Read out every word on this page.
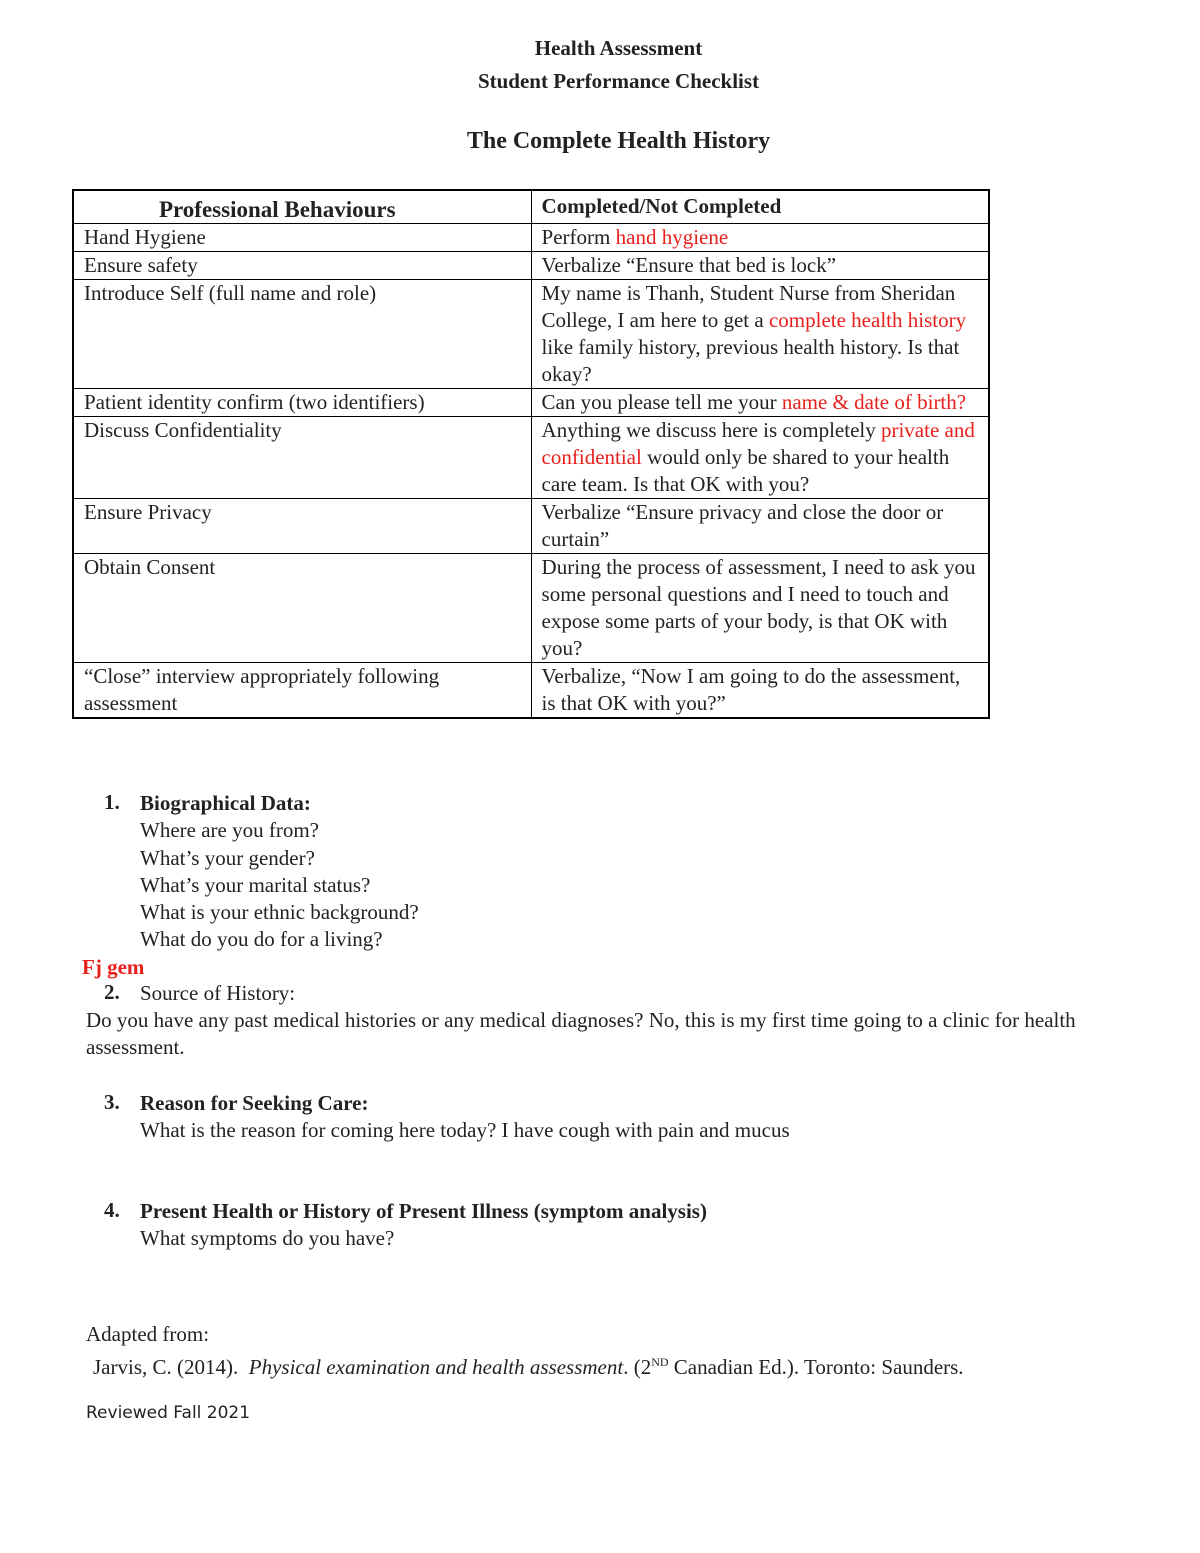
Health Assessment
Student Performance Checklist
The Complete Health History
Professional Behaviours	Completed/Not Completed
Hand Hygiene	Perform hand hygiene
Ensure safety	Verbalize “Ensure that bed is lock”
Introduce Self (full name and role)	My name is Thanh, Student Nurse from Sheridan College, I am here to get a complete health history like family history, previous health history. Is that okay?
Patient identity confirm (two identifiers)	Can you please tell me your name & date of birth?
Discuss Confidentiality	Anything we discuss here is completely private and confidential would only be shared to your health care team. Is that OK with you?
Ensure Privacy	Verbalize “Ensure privacy and close the door or curtain”
Obtain Consent	During the process of assessment, I need to ask you some personal questions and I need to touch and expose some parts of your body, is that OK with you?
“Close” interview appropriately following assessment	Verbalize, “Now I am going to do the assessment, is that OK with you?”
1. Biographical Data:
Where are you from?
What’s your gender?
What’s your marital status?
What is your ethnic background?
What do you do for a living?
Fj gem
2. Source of History:
Do you have any past medical histories or any medical diagnoses? No, this is my first time going to a clinic for health assessment.
3. Reason for Seeking Care:
What is the reason for coming here today? I have cough with pain and mucus
4. Present Health or History of Present Illness (symptom analysis)
What symptoms do you have?
Adapted from:
Jarvis, C. (2014). Physical examination and health assessment. (2ND Canadian Ed.). Toronto: Saunders.
Reviewed Fall 2021
